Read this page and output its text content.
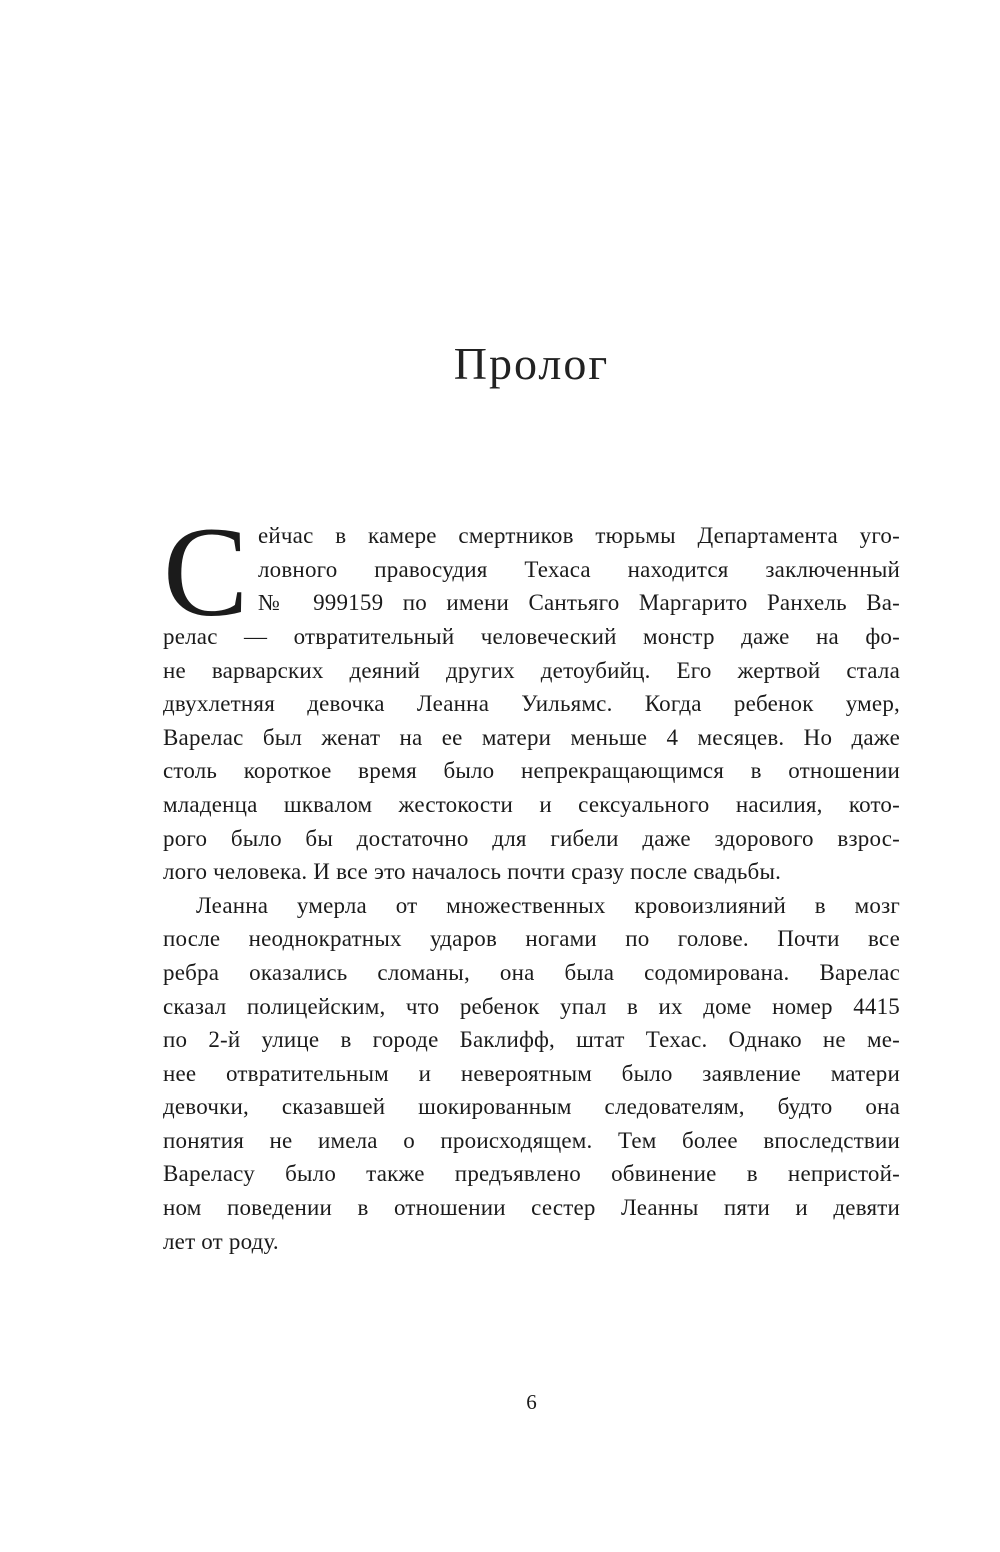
Пролог
С ейчас в камере смертников тюрьмы Департамента уго-
ловного правосудия Техаса находится заключенный
№ 999159 по имени Сантьяго Маргарито Ранхель Ва-
релас — отвратительный человеческий монстр даже на фо-
не варварских деяний других детоубийц. Его жертвой стала
двухлетняя девочка Леанна Уильямс. Когда ребенок умер,
Варелас был женат на ее матери меньше 4 месяцев. Но даже
столь короткое время было непрекращающимся в отношении
младенца шквалом жестокости и сексуального насилия, кото-
рого было бы достаточно для гибели даже здорового взрос-
лого человека. И все это началось почти сразу после свадьбы.
Леанна умерла от множественных кровоизлияний в мозг
после неоднократных ударов ногами по голове. Почти все
ребра оказались сломаны, она была содомирована. Варелас
сказал полицейским, что ребенок упал в их доме номер 4415
по 2-й улице в городе Баклифф, штат Техас. Однако не ме-
нее отвратительным и невероятным было заявление матери
девочки, сказавшей шокированным следователям, будто она
понятия не имела о происходящем. Тем более впоследствии
Вареласу было также предъявлено обвинение в непристой-
ном поведении в отношении сестер Леанны пяти и девяти
лет от роду.
6
